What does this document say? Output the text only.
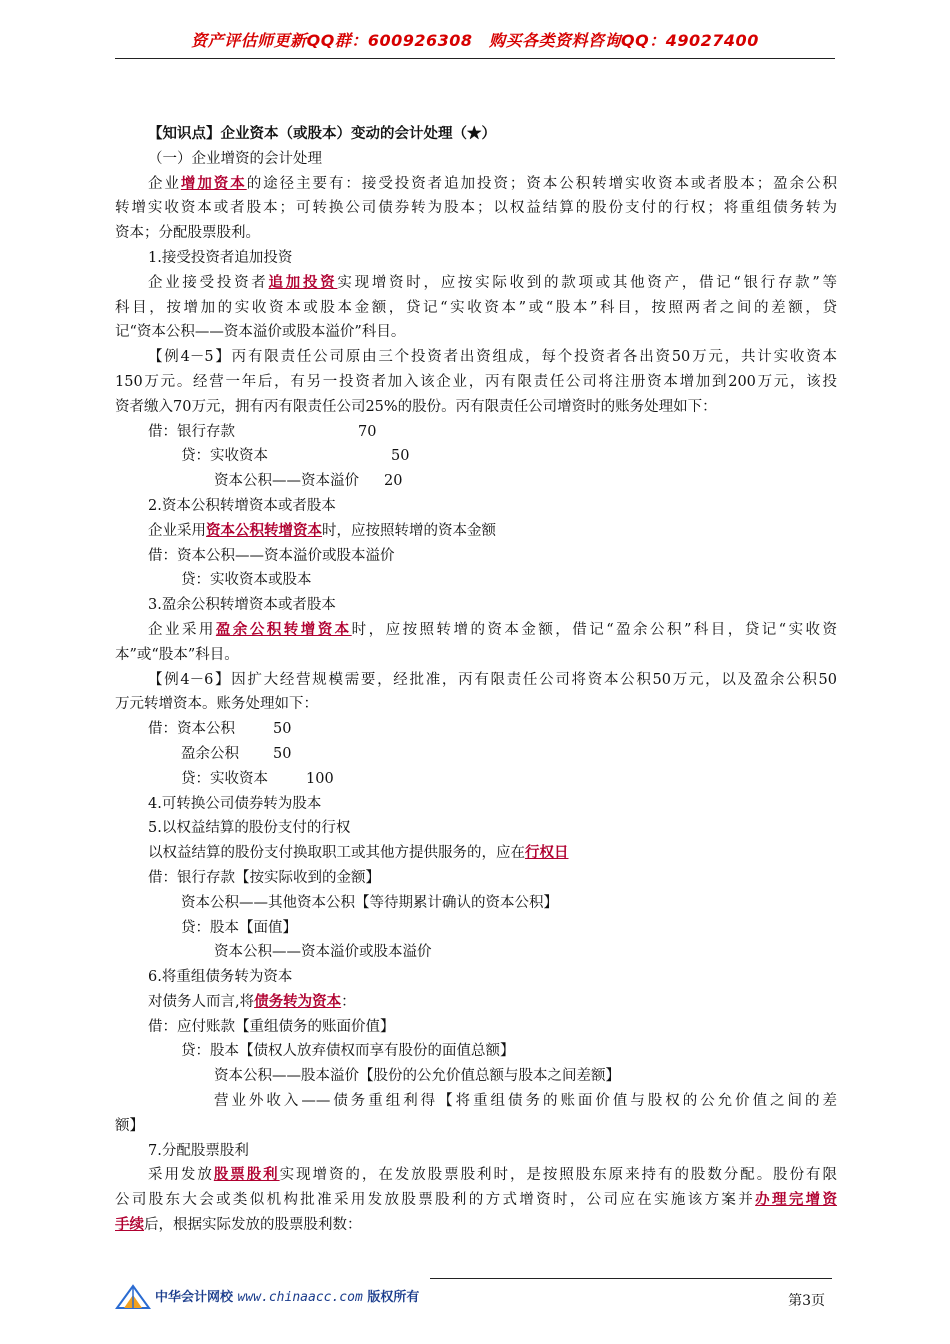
资产评估师更新QQ群：600926308　购买各类资料咨询QQ：49027400
【知识点】企业资本（或股本）变动的会计处理（★）
（一）企业增资的会计处理
企业增加资本的途径主要有：接受投资者追加投资；资本公积转增实收资本或者股本；盈余公积
转增实收资本或者股本；可转换公司债券转为股本；以权益结算的股份支付的行权；将重组债务转为
资本；分配股票股利。
1.接受投资者追加投资
企业接受投资者追加投资实现增资时，应按实际收到的款项或其他资产，借记“银行存款”等
科目，按增加的实收资本或股本金额，贷记“实收资本”或“股本”科目，按照两者之间的差额，贷
记“资本公积——资本溢价或股本溢价”科目。
【例4－5】丙有限责任公司原由三个投资者出资组成，每个投资者各出资50万元，共计实收资本
150万元。经营一年后，有另一投资者加入该企业，丙有限责任公司将注册资本增加到200万元，该投
资者缴入70万元，拥有丙有限责任公司25%的股份。丙有限责任公司增资时的账务处理如下：
借：银行存款	70
贷：实收资本	50
资本公积——资本溢价 20
2.资本公积转增资本或者股本
企业采用资本公积转增资本时，应按照转增的资本金额
借：资本公积——资本溢价或股本溢价
贷：实收资本或股本
3.盈余公积转增资本或者股本
企业采用盈余公积转增资本时，应按照转增的资本金额，借记“盈余公积”科目，贷记“实收资
本”或“股本”科目。
【例4－6】因扩大经营规模需要，经批准，丙有限责任公司将资本公积50万元，以及盈余公积50
万元转增资本。账务处理如下：
借：资本公积	50
盈余公积 50
贷：实收资本	100
4.可转换公司债券转为股本
5.以权益结算的股份支付的行权
以权益结算的股份支付换取职工或其他方提供服务的，应在行权日
借：银行存款【按实际收到的金额】
资本公积——其他资本公积【等待期累计确认的资本公积】
贷：股本【面值】
资本公积——资本溢价或股本溢价
6.将重组债务转为资本
对债务人而言,将债务转为资本：
借：应付账款【重组债务的账面价值】
贷：股本【债权人放弃债权而享有股份的面值总额】
资本公积——股本溢价【股份的公允价值总额与股本之间差额】
营业外收入——债务重组利得【将重组债务的账面价值与股权的公允价值之间的差
额】
7.分配股票股利
采用发放股票股利实现增资的，在发放股票股利时，是按照股东原来持有的股数分配。股份有限
公司股东大会或类似机构批准采用发放股票股利的方式增资时，公司应在实施该方案并办理完增资
手续后，根据实际发放的股票股利数：
中华会计网校 www.chinaacc.com 版权所有	第3页
